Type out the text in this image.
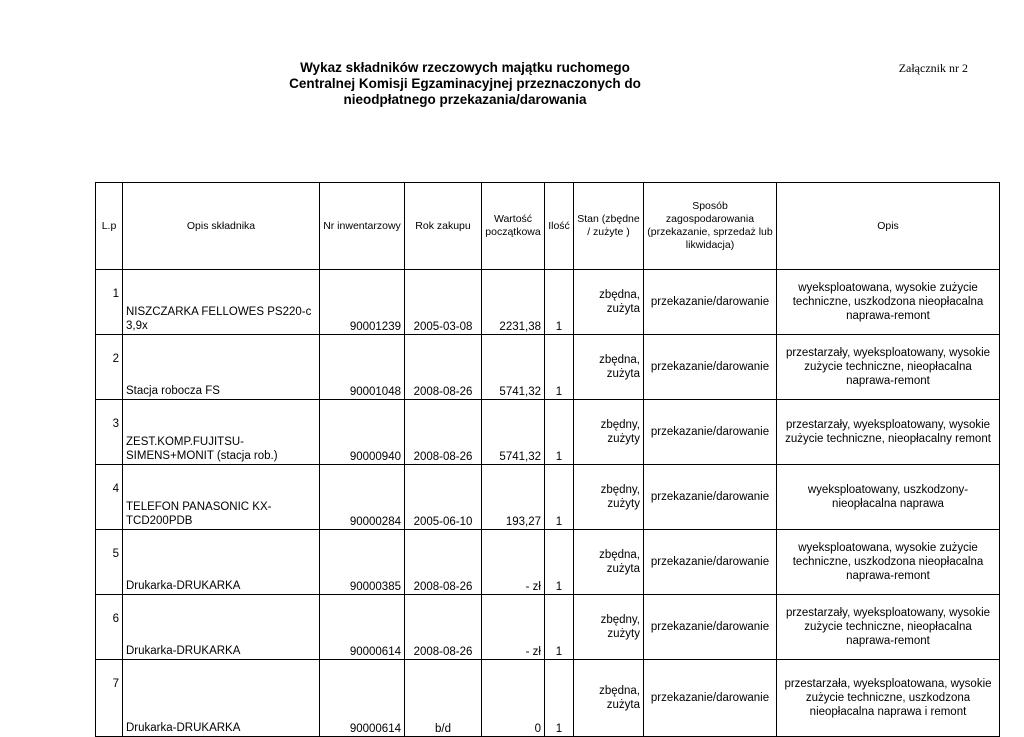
Wykaz składników rzeczowych majątku ruchomego
Centralnej Komisji Egzaminacyjnej przeznaczonych do
nieodpłatnego przekazania/darowania
Załącznik nr 2
L.p	Opis składnika	Nr inwentarzowy	Rok zakupu	Wartość początkowa	Ilość	Stan (zbędne / zużyte )	Sposób zagospodarowania (przekazanie, sprzedaż lub likwidacja)	Opis
1	NISZCZARKA FELLOWES PS220-c 3,9x	90001239	2005-03-08	2231,38	1	zbędna, zużyta	przekazanie/darowanie	wyeksploatowana, wysokie zużycie techniczne, uszkodzona nieopłacalna naprawa-remont
2	Stacja robocza FS	90001048	2008-08-26	5741,32	1	zbędna, zużyta	przekazanie/darowanie	przestarzały, wyeksploatowany, wysokie zużycie techniczne, nieopłacalna naprawa-remont
3	ZEST.KOMP.FUJITSU-SIMENS+MONIT (stacja rob.)	90000940	2008-08-26	5741,32	1	zbędny, zużyty	przekazanie/darowanie	przestarzały, wyeksploatowany, wysokie zużycie techniczne, nieopłacalny remont
4	TELEFON PANASONIC KX-TCD200PDB	90000284	2005-06-10	193,27	1	zbędny, zużyty	przekazanie/darowanie	wyeksploatowany, uszkodzony-nieopłacalna naprawa
5	Drukarka-DRUKARKA	90000385	2008-08-26	- zł	1	zbędna, zużyta	przekazanie/darowanie	wyeksploatowana, wysokie zużycie techniczne, uszkodzona nieopłacalna naprawa-remont
6	Drukarka-DRUKARKA	90000614	2008-08-26	- zł	1	zbędny, zużyty	przekazanie/darowanie	przestarzały, wyeksploatowany, wysokie zużycie techniczne, nieopłacalna naprawa-remont
7	Drukarka-DRUKARKA	90000614	b/d	0	1	zbędna, zużyta	przekazanie/darowanie	przestarzała, wyeksploatowana, wysokie zużycie techniczne, uszkodzona nieopłacalna naprawa i remont
